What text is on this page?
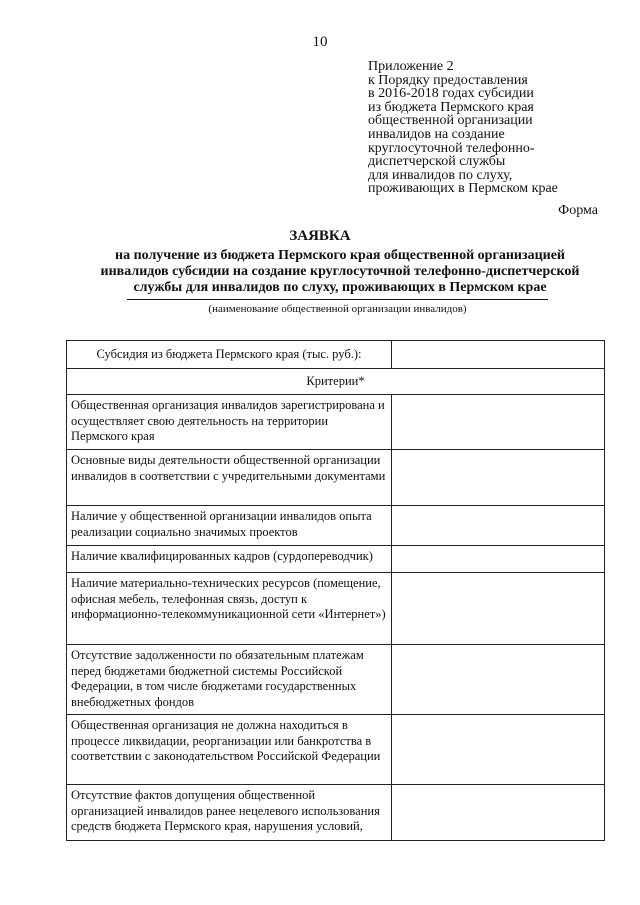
10
Приложение 2
к Порядку предоставления
в 2016-2018 годах субсидии
из бюджета Пермского края
общественной организации
инвалидов на создание
круглосуточной телефонно-
диспетчерской службы
для инвалидов по слуху,
проживающих в Пермском крае
Форма
ЗАЯВКА
на получение из бюджета Пермского края общественной организацией
инвалидов субсидии на создание круглосуточной телефонно-диспетчерской
службы для инвалидов по слуху, проживающих в Пермском крае
(наименование общественной организации инвалидов)
Субсидия из бюджета Пермского края (тыс. руб.):	
Критерии*	
Общественная организация инвалидов зарегистрирована и осуществляет свою деятельность на территории Пермского края	
Основные виды деятельности общественной организации инвалидов в соответствии с учредительными документами	
Наличие у общественной организации инвалидов опыта реализации социально значимых проектов	
Наличие квалифицированных кадров (сурдопереводчик)	
Наличие материально-технических ресурсов (помещение, офисная мебель, телефонная связь, доступ к информационно-телекоммуникационной сети «Интернет»)	
Отсутствие задолженности по обязательным платежам перед бюджетами бюджетной системы Российской Федерации, в том числе бюджетами государственных внебюджетных фондов	
Общественная организация не должна находиться в процессе ликвидации, реорганизации или банкротства в соответствии с законодательством Российской Федерации	
Отсутствие фактов допущения общественной организацией инвалидов ранее нецелевого использования средств бюджета Пермского края, нарушения условий,	
